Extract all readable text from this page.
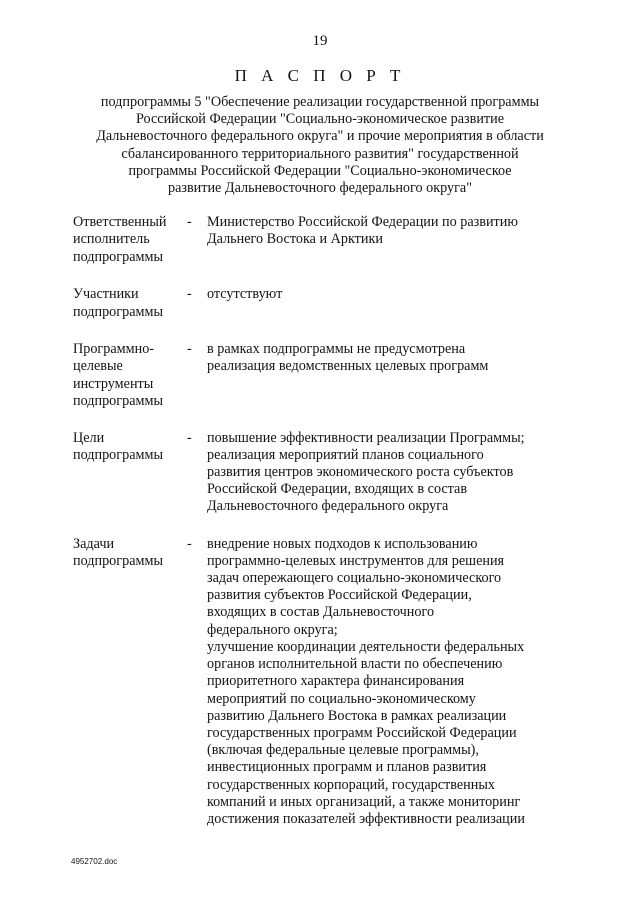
19
П А С П О Р Т
подпрограммы 5 "Обеспечение реализации государственной программы
Российской Федерации "Социально-экономическое развитие
Дальневосточного федерального округа" и прочие мероприятия в области
сбалансированного территориального развития" государственной
программы Российской Федерации "Социально-экономическое
развитие Дальневосточного федерального округа"
Ответственный
исполнитель
подпрограммы
-	Министерство Российской Федерации по развитию
Дальнего Востока и Арктики
Участники
подпрограммы
-	отсутствуют
Программно-
целевые
инструменты
подпрограммы
-	в рамках подпрограммы не предусмотрена
реализация ведомственных целевых программ
Цели
подпрограммы
-	повышение эффективности реализации Программы;
реализация мероприятий планов социального
развития центров экономического роста субъектов
Российской Федерации, входящих в состав
Дальневосточного федерального округа
Задачи
подпрограммы
-	внедрение новых подходов к использованию
программно-целевых инструментов для решения
задач опережающего социально-экономического
развития субъектов Российской Федерации,
входящих в состав Дальневосточного
федерального округа;
улучшение координации деятельности федеральных
органов исполнительной власти по обеспечению
приоритетного характера финансирования
мероприятий по социально-экономическому
развитию Дальнего Востока в рамках реализации
государственных программ Российской Федерации
(включая федеральные целевые программы),
инвестиционных программ и планов развития
государственных корпораций, государственных
компаний и иных организаций, а также мониторинг
достижения показателей эффективности реализации
4952702.doc
